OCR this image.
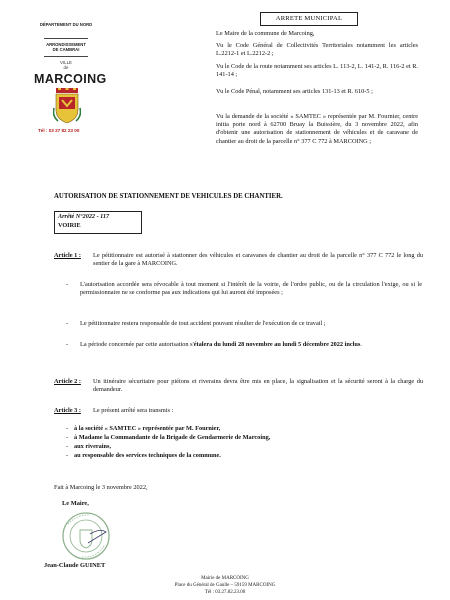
DÉPARTEMENT DU NORD
ARRONDISSEMENT
DE CAMBRAI
VILLE
de
MARCOING
Tél : 03 27 82 23 00
ARRETE MUNICIPAL
Le Maire de la commune de Marcoing,
Vu le Code Général de Collectivités Territoriales notamment les articles L.2212-1 et L.2212-2 ;
Vu le Code de la route notamment ses articles L. 113-2, L. 141-2, R. 116-2 et R. 141-14 ;
Vu le Code Pénal, notamment ses articles 131-13 et R. 610-5 ;
Vu la demande de la société « SAMTEC » représentée par M. Fournier, centre initia porte nord à 62700 Bruay la Buissière, du 3 novembre 2022, afin d'obtenir une autorisation de stationnement de véhicules et de caravane de chantier au droit de la parcelle n° 377 C 772 à MARCOING ;
AUTORISATION DE STATIONNEMENT DE VEHICULES DE CHANTIER.
Arrêté N°2022 - 117
VOIRIE
Article 1 : Le pétitionnaire est autorisé à stationner des véhicules et caravanes de chantier au droit de la parcelle n° 377 C 772 le long du sentier de la gare à MARCOING.
- L'autorisation accordée sera révocable à tout moment si l'intérêt de la voirie, de l'ordre public, ou de la circulation l'exige, ou si le permissionnaire ne se conforme pas aux indications qui lui auront été imposées ;
- Le pétitionnaire restera responsable de tout accident pouvant résulter de l'exécution de ce travail ;
- La période concernée par cette autorisation s'étalera du lundi 28 novembre au lundi 5 décembre 2022 inclus.
Article 2 : Un itinéraire sécuritaire pour piétons et riverains devra être mis en place, la signalisation et la sécurité seront à la charge du demandeur.
Article 3 : Le présent arrêté sera transmis :
- à la société « SAMTEC » représentée par M. Fournier,
- à Madame la Commandante de la Brigade de Gendarmerie de Marcoing,
- aux riverains,
- au responsable des services techniques de la commune.
Fait à Marcoing le 3 novembre 2022,
Le Maire,
Jean-Claude GUINET
Mairie de MARCOING
Place du Général de Gaulle – 59159 MARCOING
Tél : 03.27.82.23.00
